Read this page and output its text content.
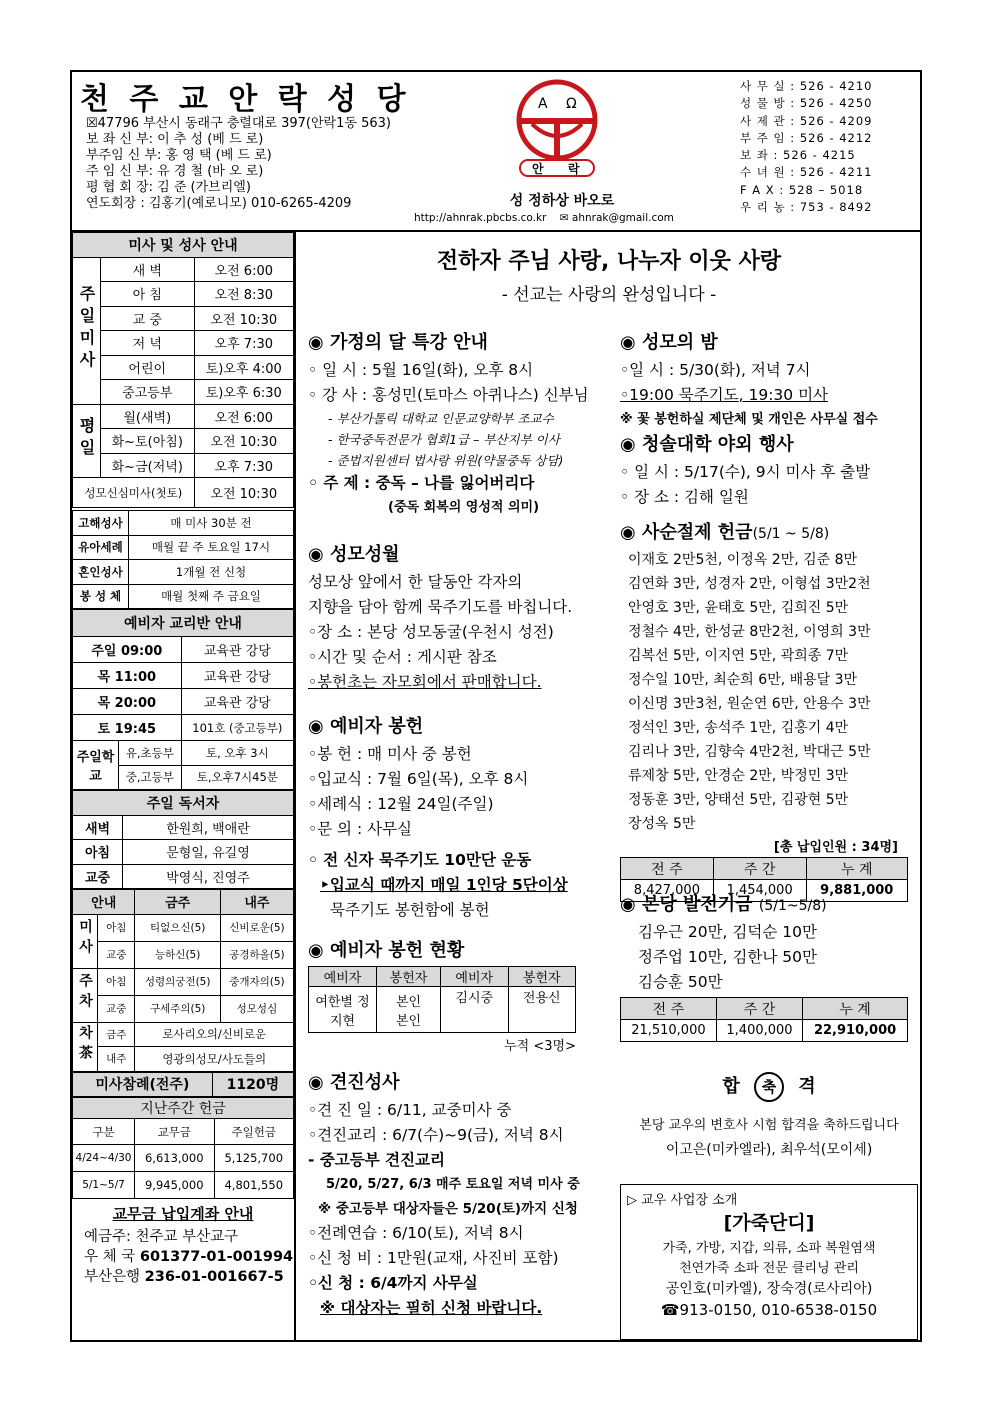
천 주 교 안 락 성 당
☒47796 부산시 동래구 충렬대로 397(안락1동 563)
보 좌 신 부: 이 추 성 (베 드 로)
부주임 신 부: 홍 영 택 (베 드 로)
주 임 신 부: 유 경 철 (바 오 로)
평 협 회 장: 김 준 (가브리엘)
연도회장 : 김홍기(예로니모) 010-6265-4209
A Ω
안 락
성 정하상 바오로
http://ahnrak.pbcbs.co.kr ✉ ahnrak@gmail.com
사 무 실 : 526 - 4210
성 물 방 : 526 - 4250
사 제 관 : 526 - 4209
부 주 임 : 526 - 4212
보 좌 : 526 - 4215
수 녀 원 : 526 - 4211
F A X : 528 – 5018
우 리 농 : 753 - 8492
미사 및 성사 안내		
주일미사	새 벽	오전 6:00
	아 침	오전 8:30
	교 중	오전 10:30
	저 녁	오후 7:30
	어린이	토)오후 4:00
	중고등부	토)오후 6:30
평일	월(새벽)	오전 6:00
	화~토(아침)	오전 10:30
	화~금(저녁)	오후 7:30
성모신심미사(첫토)		오전 10:30
고해성사	매 미사 30분 전
유아세례	매월 끝 주 토요일 17시
혼인성사	1개월 전 신청
봉 성 체	매월 첫째 주 금요일
예비자 교리반 안내		
주일 09:00		교육관 강당
목 11:00		교육관 강당
목 20:00		교육관 강당
토 19:45		101호 (중고등부)
주일학교	유,초등부	토, 오후 3시
	중,고등부	토,오후7시45분
주일 독서자	
새벽	한원희, 백애란
아침	문형일, 유길영
교중	박영식, 진영주
안내		금주	내주
미사	아침	티없으신(5)	신비로운(5)
	교중	능하신(5)	공경하올(5)
주차	아침	성령의궁전(5)	중개자의(5)
	교중	구세주의(5)	성모성심
차茶	금주	로사리오의/신비로운	
	내주	영광의성모/사도들의	
미사참례(전주)	1120명
지난주간 헌금		
구분	교무금	주일헌금
4/24~4/30	6,613,000	5,125,700
5/1~5/7	9,945,000	4,801,550
교무금 납입계좌 안내
예금주: 천주교 부산교구
우 체 국 601377-01-001994
부산은행 236-01-001667-5
전하자 주님 사랑, 나누자 이웃 사랑
- 선교는 사랑의 완성입니다 -
◉ 가정의 달 특강 안내
◦ 일 시 : 5월 16일(화), 오후 8시
◦ 강 사 : 홍성민(토마스 아퀴나스) 신부님
- 부산가톨릭 대학교 인문교양학부 조교수
- 한국중독전문가 협회1급 – 부산지부 이사
- 준법지원센터 법사랑 위원(약물중독 상담)
◦ 주 제 : 중독 – 나를 잃어버리다
(중독 회복의 영성적 의미)
◉ 성모성월
성모상 앞에서 한 달동안 각자의
지향을 담아 함께 묵주기도를 바칩니다.
◦장 소 : 본당 성모동굴(우천시 성전)
◦시간 및 순서 : 게시판 참조
◦봉헌초는 자모회에서 판매합니다.
◉ 예비자 봉헌
◦봉 헌 : 매 미사 중 봉헌
◦입교식 : 7월 6일(목), 오후 8시
◦세례식 : 12월 24일(주일)
◦문 의 : 사무실
◦ 전 신자 묵주기도 10만단 운동
‣입교식 때까지 매일 1인당 5단이상
묵주기도 봉헌함에 봉헌
◉ 예비자 봉헌 현황
예비자	봉헌자	예비자	봉헌자
여한별 정지현	본인 본인	김시중	전용신
누적 <3명>
◉ 견진성사
◦견 진 일 : 6/11, 교중미사 중
◦견진교리 : 6/7(수)~9(금), 저녁 8시
- 중고등부 견진교리
5/20, 5/27, 6/3 매주 토요일 저녁 미사 중
※ 중고등부 대상자들은 5/20(토)까지 신청
◦전례연습 : 6/10(토), 저녁 8시
◦신 청 비 : 1만원(교재, 사진비 포함)
◦신 청 : 6/4까지 사무실
※ 대상자는 필히 신청 바랍니다.
◉ 성모의 밤
◦일 시 : 5/30(화), 저녁 7시
◦19:00 묵주기도, 19:30 미사
※ 꽃 봉헌하실 제단체 및 개인은 사무실 접수
◉ 청솔대학 야외 행사
◦ 일 시 : 5/17(수), 9시 미사 후 출발
◦ 장 소 : 김해 일원
◉ 사순절제 헌금(5/1 ~ 5/8)
이재호 2만5천, 이정옥 2만, 김준 8만
김연화 3만, 성경자 2만, 이형섭 3만2천
안영호 3만, 윤태호 5만, 김희진 5만
정철수 4만, 한성균 8만2천, 이영희 3만
김복선 5만, 이지연 5만, 곽희종 7만
정수일 10만, 최순희 6만, 배용달 3만
이신명 3만3천, 원순연 6만, 안용수 3만
정석인 3만, 송석주 1만, 김홍기 4만
김리나 3만, 김향숙 4만2천, 박대근 5만
류제창 5만, 안경순 2만, 박정민 3만
정동훈 3만, 양태선 5만, 김광현 5만
장성옥 5만
[총 납입인원 : 34명]
전 주	주 간	누 계
8,427,000	1,454,000	9,881,000
◉ 본당 발전기금 (5/1~5/8)
김우근 20만, 김덕순 10만
정주업 10만, 김한나 50만
김승훈 50만
전 주	주 간	누 계
21,510,000	1,400,000	22,910,000
합 축 격
본당 교우의 변호사 시험 합격을 축하드립니다
이고은(미카엘라), 최우석(모이세)
▷ 교우 사업장 소개
[가죽단디]
가죽, 가방, 지갑, 의류, 소파 복원염색
천연가죽 소파 전문 클리닝 관리
공인호(미카엘), 장숙경(로사리아)
☎913-0150, 010-6538-0150
